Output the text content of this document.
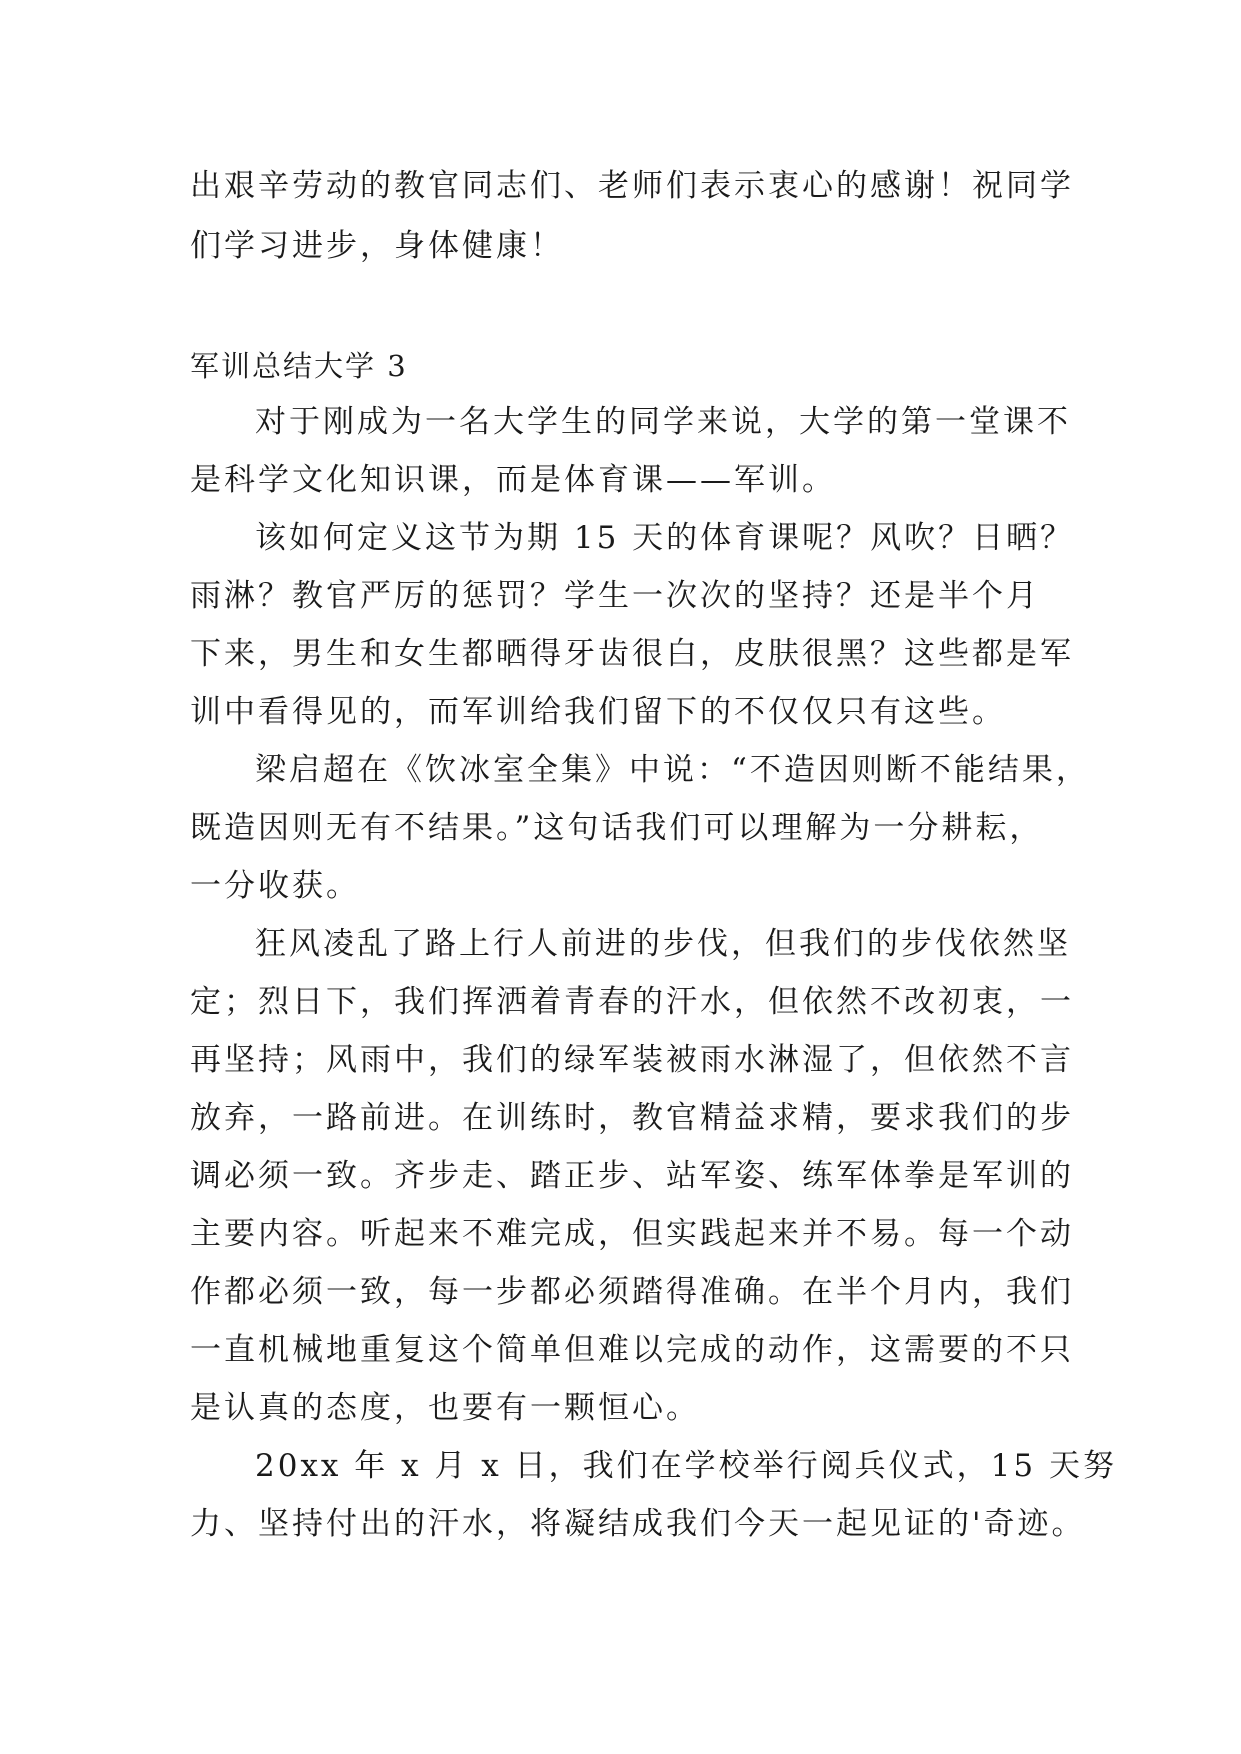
出艰辛劳动的教官同志们、老师们表示衷心的感谢！祝同学
们学习进步，身体健康！
军训总结大学 3
对于刚成为一名大学生的同学来说，大学的第一堂课不
是科学文化知识课，而是体育课——军训。
该如何定义这节为期 15 天的体育课呢？风吹？日晒？
雨淋？教官严厉的惩罚？学生一次次的坚持？还是半个月
下来，男生和女生都晒得牙齿很白，皮肤很黑？这些都是军
训中看得见的，而军训给我们留下的不仅仅只有这些。
梁启超在《饮冰室全集》中说：“不造因则断不能结果，
既造因则无有不结果。”这句话我们可以理解为一分耕耘，
一分收获。
狂风凌乱了路上行人前进的步伐，但我们的步伐依然坚
定；烈日下，我们挥洒着青春的汗水，但依然不改初衷，一
再坚持；风雨中，我们的绿军装被雨水淋湿了，但依然不言
放弃，一路前进。在训练时，教官精益求精，要求我们的步
调必须一致。齐步走、踏正步、站军姿、练军体拳是军训的
主要内容。听起来不难完成，但实践起来并不易。每一个动
作都必须一致，每一步都必须踏得准确。在半个月内，我们
一直机械地重复这个简单但难以完成的动作，这需要的不只
是认真的态度，也要有一颗恒心。
20xx 年 x 月 x 日，我们在学校举行阅兵仪式，15 天努
力、坚持付出的汗水，将凝结成我们今天一起见证的'奇迹。
